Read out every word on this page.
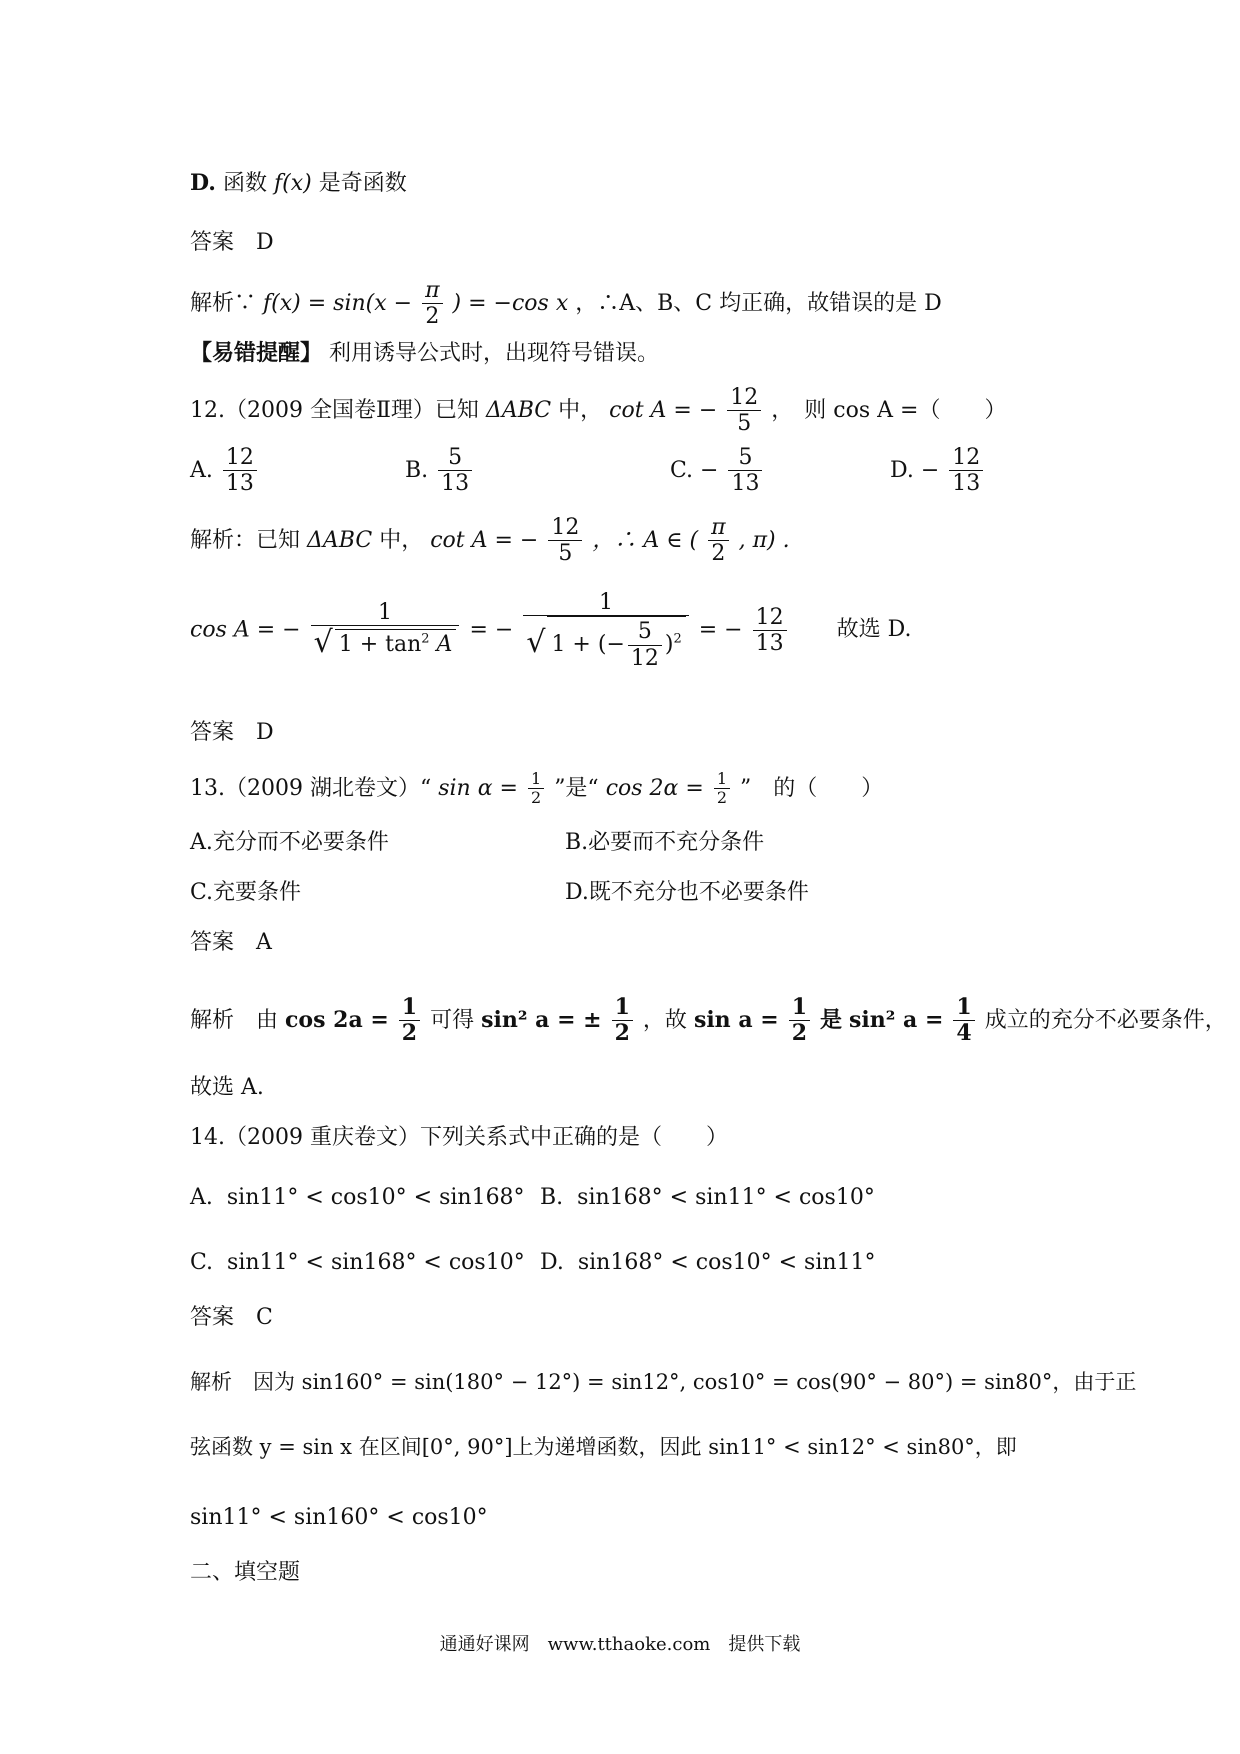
D. 函数 f(x) 是奇函数
答案　D
解析∵ $f(x) = \sin(x - \frac{\pi}{2}$ ) = −cos x ，∴A、B、C 均正确，故错误的是 D
【易错提醒】 利用诱导公式时，出现符号错误。
12.（2009 全国卷Ⅱ理）已知 ΔABC 中， cot A = − $\frac{12}{5}$ ，　则 cos A =（　　）
A. $\frac{12}{13}$	B. $\frac{5}{13}$	C. − $\frac{5}{13}$	D. − $\frac{12}{13}$
解析：已知 ΔABC 中， cot A = − $\frac{12}{5}$ ，∴ A ∈ ( $\frac{\pi}{2}$ , π) .
cos A = − $\frac{1}{√ 1 + \tan^2 A}$ = − $\frac{1}{√ 1 + (- \frac{5}{12} )^2}$ = − $\frac{12}{13}$ 故选 D.
答案　D
13.（2009 湖北卷文）“ $\sin \alpha = \frac{1}{2}$ ”是“ $\cos 2\alpha = \frac{1}{2}$ ”　的（　　）
A.充分而不必要条件	B.必要而不充分条件
C.充要条件	D.既不充分也不必要条件
答案　A
解析　由 $\cos 2a = \frac{1}{2}$ 可得 sin² a = ± $\frac{1}{2}$ ，故 $\sin a = \frac{1}{2}$ 是 sin² $a = \frac{1}{4}$ 成立的充分不必要条件，
故选 A.
14.（2009 重庆卷文）下列关系式中正确的是（　　）
A. sin11° < cos10° < sin168° B. sin168° < sin11° < cos10°
C. sin11° < sin168° < cos10° D. sin168° < cos10° < sin11°
答案　C
解析　因为 sin160° = sin(180° − 12°) = sin12°, cos10° = cos(90° − 80°) = sin80°，由于正
弦函数 y = sin x 在区间[0°, 90°]上为递增函数，因此 sin11° < sin12° < sin80°，即
sin11° < sin160° < cos10°
二、填空题
通通好课网　www.tthaoke.com　提供下载
